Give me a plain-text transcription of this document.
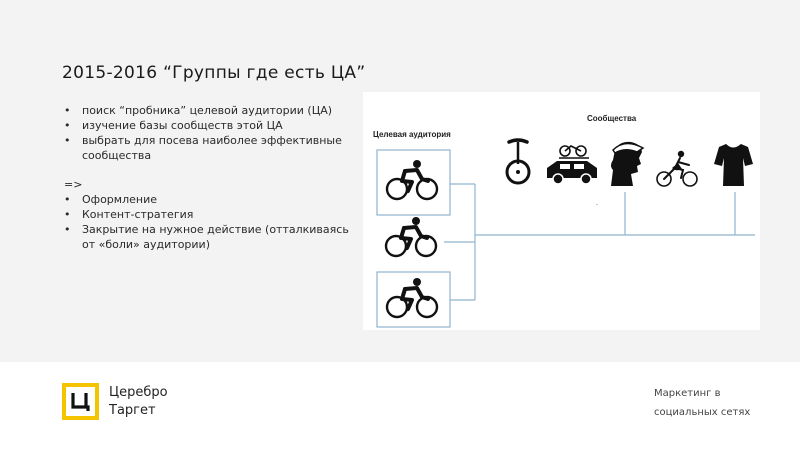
2015-2016 “Группы где есть ЦА”
• поиск “пробника” целевой аудитории (ЦА)
• изучение базы сообществ этой ЦА
• выбрать для посева наиболее эффективные сообщества
=>
• Оформление
• Контент-стратегия
• Закрытие на нужное действие (отталкиваясь от «боли» аудитории)
Целевая аудитория
Сообщества
Церебро
Таргет
Маркетинг в
социальных сетях
